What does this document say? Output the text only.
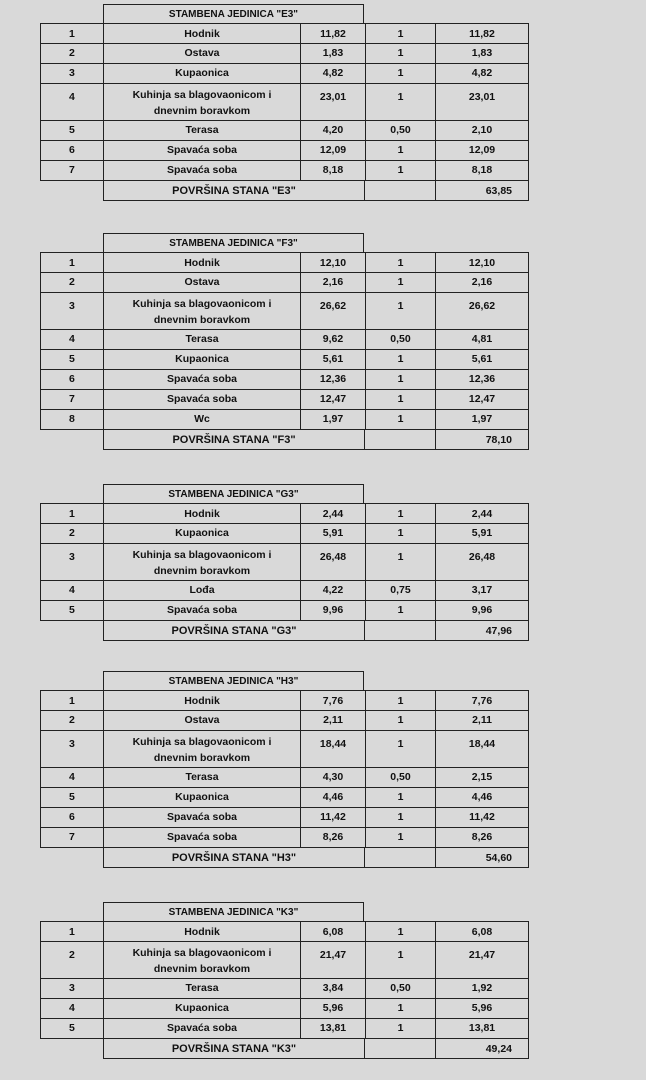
STAMBENA JEDINICA "E3"
1	Hodnik	11,82	1	11,82
2	Ostava	1,83	1	1,83
3	Kupaonica	4,82	1	4,82
4	Kuhinja sa blagovaonicom i
dnevnim boravkom
23,01	1	23,01
5	Terasa	4,20	0,50	2,10
6	Spavaća soba	12,09	1	12,09
7	Spavaća soba	8,18	1	8,18
POVRŠINA STANA "E3"	63,85
STAMBENA JEDINICA "F3"
1	Hodnik	12,10	1	12,10
2	Ostava	2,16	1	2,16
3	Kuhinja sa blagovaonicom i
dnevnim boravkom
26,62	1	26,62
4	Terasa	9,62	0,50	4,81
5	Kupaonica	5,61	1	5,61
6	Spavaća soba	12,36	1	12,36
7	Spavaća soba	12,47	1	12,47
8	Wc	1,97	1	1,97
POVRŠINA STANA "F3"	78,10
STAMBENA JEDINICA "G3"
1	Hodnik	2,44	1	2,44
2	Kupaonica	5,91	1	5,91
3	Kuhinja sa blagovaonicom i
dnevnim boravkom
26,48	1	26,48
4	Lođa	4,22	0,75	3,17
5	Spavaća soba	9,96	1	9,96
POVRŠINA STANA "G3"	47,96
STAMBENA JEDINICA "H3"
1	Hodnik	7,76	1	7,76
2	Ostava	2,11	1	2,11
3	Kuhinja sa blagovaonicom i
dnevnim boravkom
18,44	1	18,44
4	Terasa	4,30	0,50	2,15
5	Kupaonica	4,46	1	4,46
6	Spavaća soba	11,42	1	11,42
7	Spavaća soba	8,26	1	8,26
POVRŠINA STANA "H3"	54,60
STAMBENA JEDINICA "K3"
1	Hodnik	6,08	1	6,08
2	Kuhinja sa blagovaonicom i
dnevnim boravkom
21,47	1	21,47
3	Terasa	3,84	0,50	1,92
4	Kupaonica	5,96	1	5,96
5	Spavaća soba	13,81	1	13,81
POVRŠINA STANA "K3"	49,24
